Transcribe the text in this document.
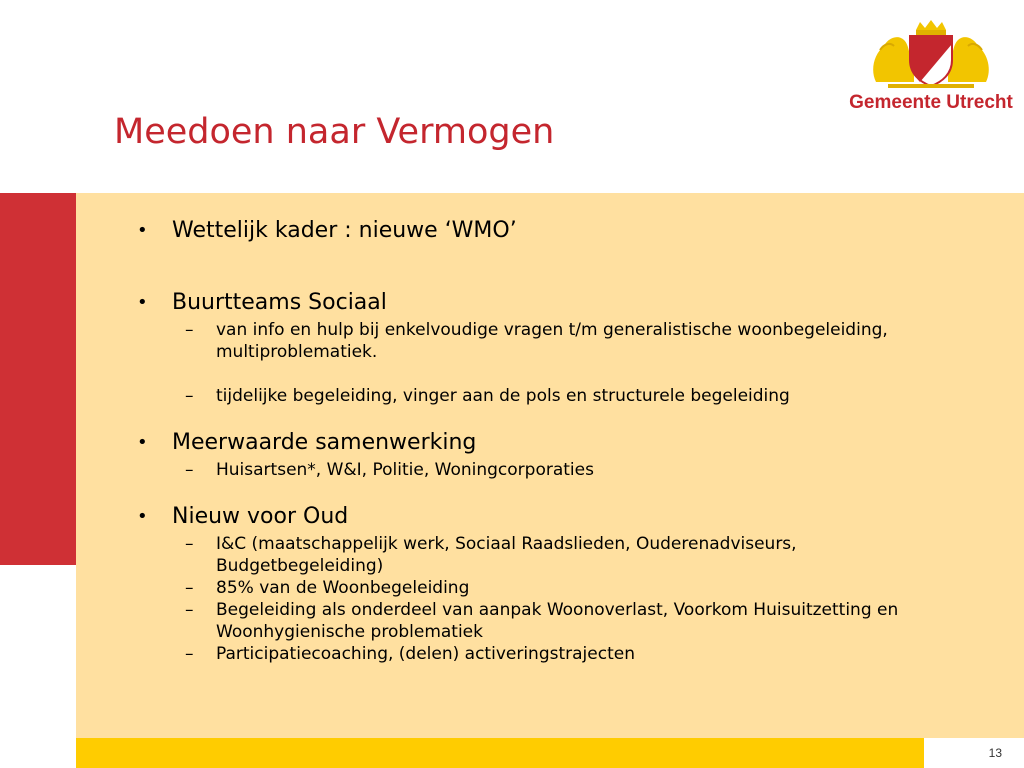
Gemeente Utrecht
Meedoen naar Vermogen
13
• Wettelijk kader : nieuwe ‘WMO’
• Buurtteams Sociaal
– van info en hulp bij enkelvoudige vragen t/m generalistische woonbegeleiding, multiproblematiek.
– tijdelijke begeleiding, vinger aan de pols en structurele begeleiding
• Meerwaarde samenwerking
– Huisartsen*, W&I, Politie, Woningcorporaties
• Nieuw voor Oud
– I&C (maatschappelijk werk, Sociaal Raadslieden, Ouderenadviseurs, Budgetbegeleiding)
– 85% van de Woonbegeleiding
– Begeleiding als onderdeel van aanpak Woonoverlast, Voorkom Huisuitzetting en Woonhygienische problematiek
– Participatiecoaching, (delen) activeringstrajecten
